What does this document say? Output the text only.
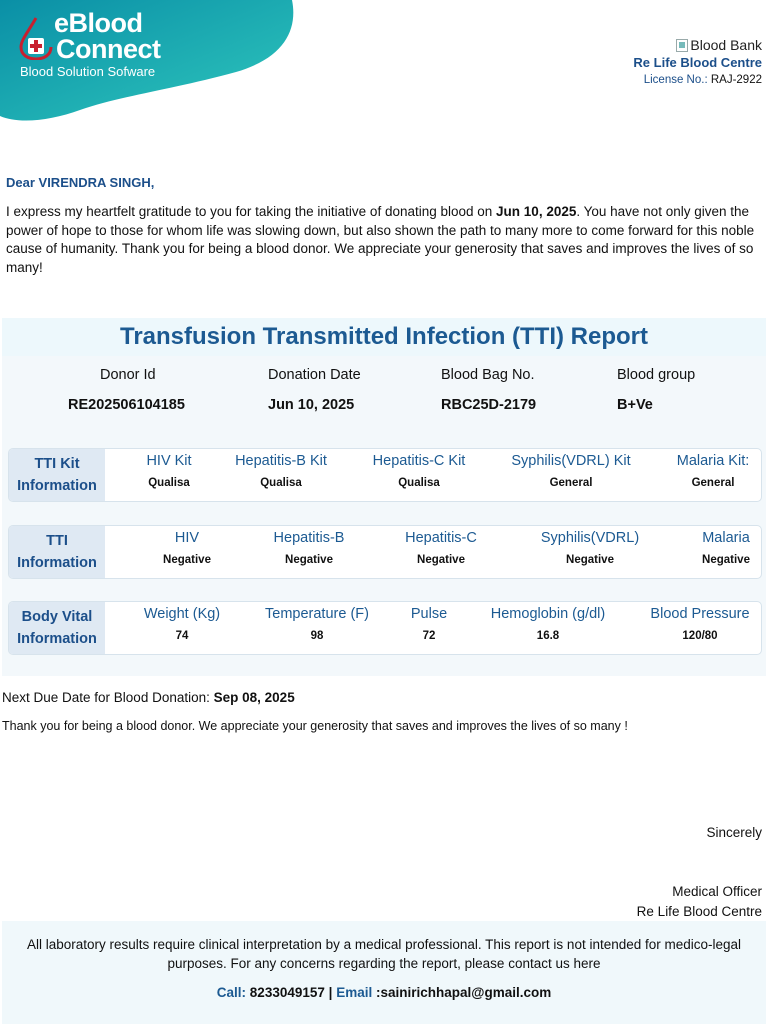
eBlood
Connect
Blood Solution Sofware
Blood Bank
Re Life Blood Centre
License No.: RAJ-2922
Dear VIRENDRA SINGH,

I express my heartfelt gratitude to you for taking the initiative of donating blood on Jun 10, 2025. You have not only given the power of hope to those for whom life was slowing down, but also shown the path to many more to come forward for this noble cause of humanity. Thank you for being a blood donor. We appreciate your generosity that saves and improves the lives of so many!

Transfusion Transmitted Infection (TTI) Report
Donor Id
RE202506104185
Donation Date
Jun 10, 2025
Blood Bag No.
RBC25D-2179
Blood group
B+Ve
TTI Kit
Information
HIV Kit
Qualisa
Hepatitis-B Kit
Qualisa
Hepatitis-C Kit
Qualisa
Syphilis(VDRL) Kit
General
Malaria Kit:
General
TTI
Information
HIV
Negative
Hepatitis-B
Negative
Hepatitis-C
Negative
Syphilis(VDRL)
Negative
Malaria
Negative
Body Vital
Information
Weight (Kg)
74
Temperature (F)
98
Pulse
72
Hemoglobin (g/dl)
16.8
Blood Pressure
120/80
Next Due Date for Blood Donation: Sep 08, 2025
Thank you for being a blood donor. We appreciate your generosity that saves and improves the lives of so many !
Sincerely
Medical Officer
Re Life Blood Centre
All laboratory results require clinical interpretation by a medical professional. This report is not intended for medico-legal purposes. For any concerns regarding the report, please contact us here
Call: 8233049157 | Email :sainirichhapal@gmail.com
